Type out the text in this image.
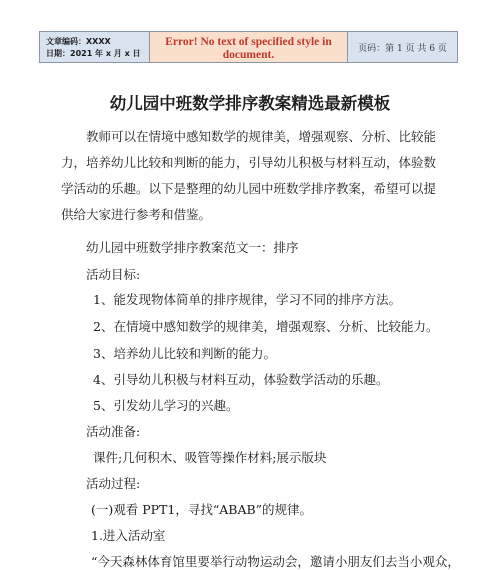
文章编码：XXXX
日期：2021 年 x 月 x 日
Error! No text of specified style in document.
页码：第 1 页 共 6 页
幼儿园中班数学排序教案精选最新模板
教师可以在情境中感知数学的规律美，增强观察、分析、比较能力，培养幼儿比较和判断的能力，引导幼儿积极与材料互动，体验数学活动的乐趣。以下是整理的幼儿园中班数学排序教案，希望可以提供给大家进行参考和借鉴。
幼儿园中班数学排序教案范文一：排序
活动目标:
1、能发现物体简单的排序规律，学习不同的排序方法。
2、在情境中感知数学的规律美，增强观察、分析、比较能力。
3、培养幼儿比较和判断的能力。
4、引导幼儿积极与材料互动，体验数学活动的乐趣。
5、引发幼儿学习的兴趣。
活动准备:
课件;几何积木、吸管等操作材料;展示版块
活动过程:
(一)观看 PPT1，寻找“ABAB”的规律。
1.进入活动室
“今天森林体育馆里要举行动物运动会，邀请小朋友们去当小观众，
